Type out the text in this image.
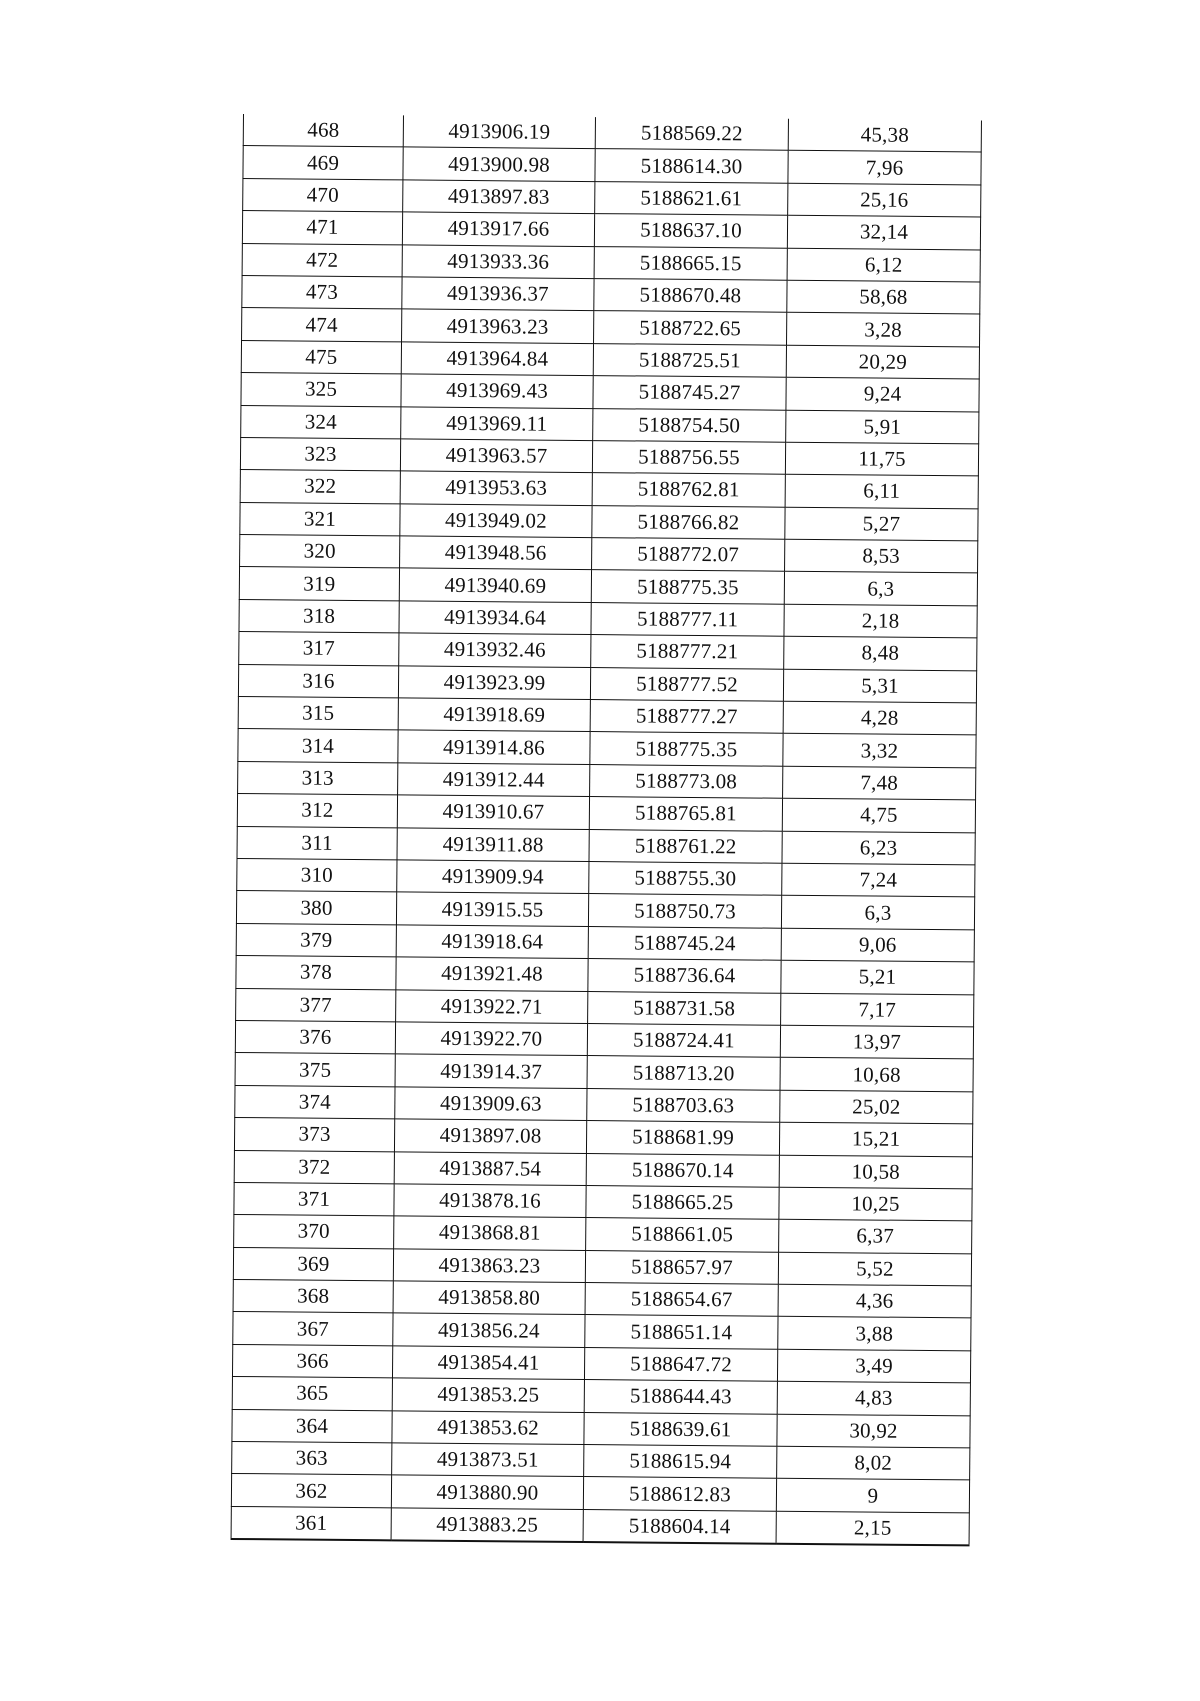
468	4913906.19	5188569.22	45,38
469	4913900.98	5188614.30	7,96
470	4913897.83	5188621.61	25,16
471	4913917.66	5188637.10	32,14
472	4913933.36	5188665.15	6,12
473	4913936.37	5188670.48	58,68
474	4913963.23	5188722.65	3,28
475	4913964.84	5188725.51	20,29
325	4913969.43	5188745.27	9,24
324	4913969.11	5188754.50	5,91
323	4913963.57	5188756.55	11,75
322	4913953.63	5188762.81	6,11
321	4913949.02	5188766.82	5,27
320	4913948.56	5188772.07	8,53
319	4913940.69	5188775.35	6,3
318	4913934.64	5188777.11	2,18
317	4913932.46	5188777.21	8,48
316	4913923.99	5188777.52	5,31
315	4913918.69	5188777.27	4,28
314	4913914.86	5188775.35	3,32
313	4913912.44	5188773.08	7,48
312	4913910.67	5188765.81	4,75
311	4913911.88	5188761.22	6,23
310	4913909.94	5188755.30	7,24
380	4913915.55	5188750.73	6,3
379	4913918.64	5188745.24	9,06
378	4913921.48	5188736.64	5,21
377	4913922.71	5188731.58	7,17
376	4913922.70	5188724.41	13,97
375	4913914.37	5188713.20	10,68
374	4913909.63	5188703.63	25,02
373	4913897.08	5188681.99	15,21
372	4913887.54	5188670.14	10,58
371	4913878.16	5188665.25	10,25
370	4913868.81	5188661.05	6,37
369	4913863.23	5188657.97	5,52
368	4913858.80	5188654.67	4,36
367	4913856.24	5188651.14	3,88
366	4913854.41	5188647.72	3,49
365	4913853.25	5188644.43	4,83
364	4913853.62	5188639.61	30,92
363	4913873.51	5188615.94	8,02
362	4913880.90	5188612.83	9
361	4913883.25	5188604.14	2,15
